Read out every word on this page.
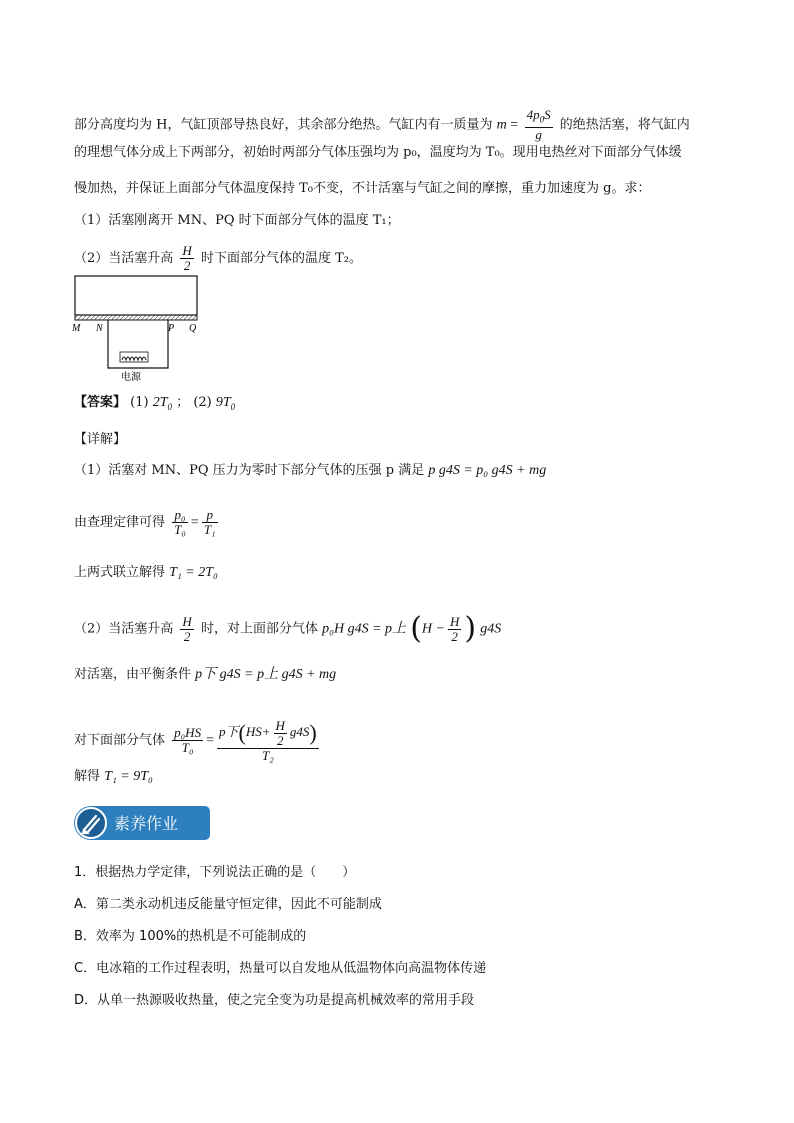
部分高度均为 H，气缸顶部导热良好，其余部分绝热。气缸内有一质量为 $m = \frac{4p_0S}{g}$ 的绝热活塞，将气缸内
的理想气体分成上下两部分，初始时两部分气体压强均为 p₀，温度均为 T₀。现用电热丝对下面部分气体缓
慢加热，并保证上面部分气体温度保持 T₀不变，不计活塞与气缸之间的摩擦，重力加速度为 g。求：
（1）活塞刚离开 MN、PQ 时下面部分气体的温度 T₁；
（2）当活塞升高 $\frac{H}{2}$ 时下面部分气体的温度 T₂。
M N	P Q
电源
【答案】 (1) $2T_0$ ； (2) $9T_0$
【详解】
（1）活塞对 MN、PQ 压力为零时下部分气体的压强 p 满足 p g4S = p₀ g4S + mg
由查理定律可得 $\frac{\text{p₀}}{\text{T₀}} = \frac{p}{\text{T₁}}$
上两式联立解得 T₁ = 2T₀
（2）当活塞升高 $\frac{H}{2}$ 时，对上面部分气体 p₀H g4S = p上 ($H - \frac{H}{2}$ ) g4S
对活塞，由平衡条件 p下 g4S = p上 g4S + mg
对下面部分气体 $\frac{\text{p₀HS}}{\text{T₀}} = \frac{p下(HS+ \frac{H}{2} g4S)}{\text{T₂}}$
解得 T₁ = 9T₀
素养作业
1．根据热力学定律，下列说法正确的是（　　）
A．第二类永动机违反能量守恒定律，因此不可能制成
B．效率为 100%的热机是不可能制成的
C．电冰箱的工作过程表明，热量可以自发地从低温物体向高温物体传递
D．从单一热源吸收热量，使之完全变为功是提高机械效率的常用手段
